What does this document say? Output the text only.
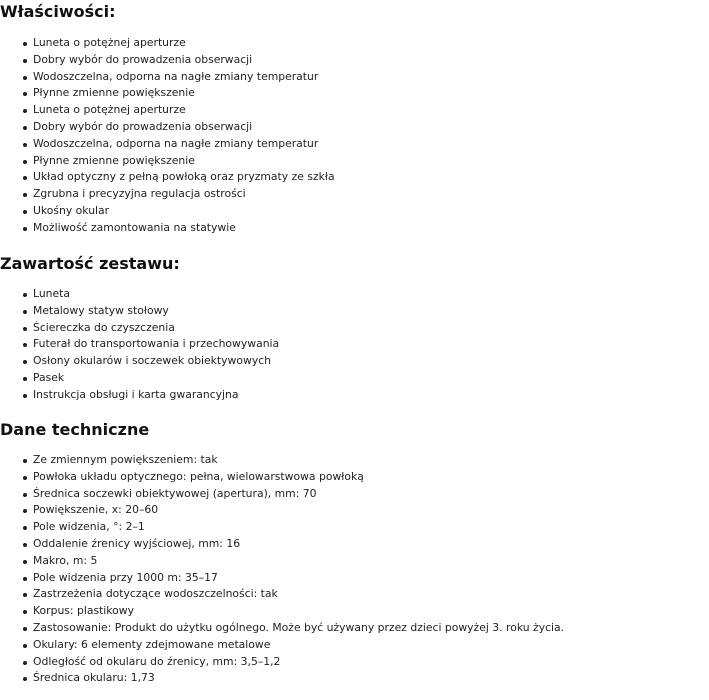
Właściwości:
Luneta o potężnej aperturze
Dobry wybór do prowadzenia obserwacji
Wodoszczelna, odporna na nagłe zmiany temperatur
Płynne zmienne powiększenie
Luneta o potężnej aperturze
Dobry wybór do prowadzenia obserwacji
Wodoszczelna, odporna na nagłe zmiany temperatur
Płynne zmienne powiększenie
Układ optyczny z pełną powłoką oraz pryzmaty ze szkła
Zgrubna i precyzyjna regulacja ostrości
Ukośny okular
Możliwość zamontowania na statywie
Zawartość zestawu:
Luneta
Metalowy statyw stołowy
Ściereczka do czyszczenia
Futerał do transportowania i przechowywania
Osłony okularów i soczewek obiektywowych
Pasek
Instrukcja obsługi i karta gwarancyjna
Dane techniczne
Ze zmiennym powiększeniem: tak
Powłoka układu optycznego: pełna, wielowarstwowa powłoką
Średnica soczewki obiektywowej (apertura), mm: 70
Powiększenie, x: 20–60
Pole widzenia, °: 2–1
Oddalenie źrenicy wyjściowej, mm: 16
Makro, m: 5
Pole widzenia przy 1000 m: 35–17
Zastrzeżenia dotyczące wodoszczelności: tak
Korpus: plastikowy
Zastosowanie: Produkt do użytku ogólnego. Może być używany przez dzieci powyżej 3. roku życia.
Okulary: 6 elementy zdejmowane metalowe
Odległość od okularu do źrenicy, mm: 3,5–1,2
Średnica okularu: 1,73
